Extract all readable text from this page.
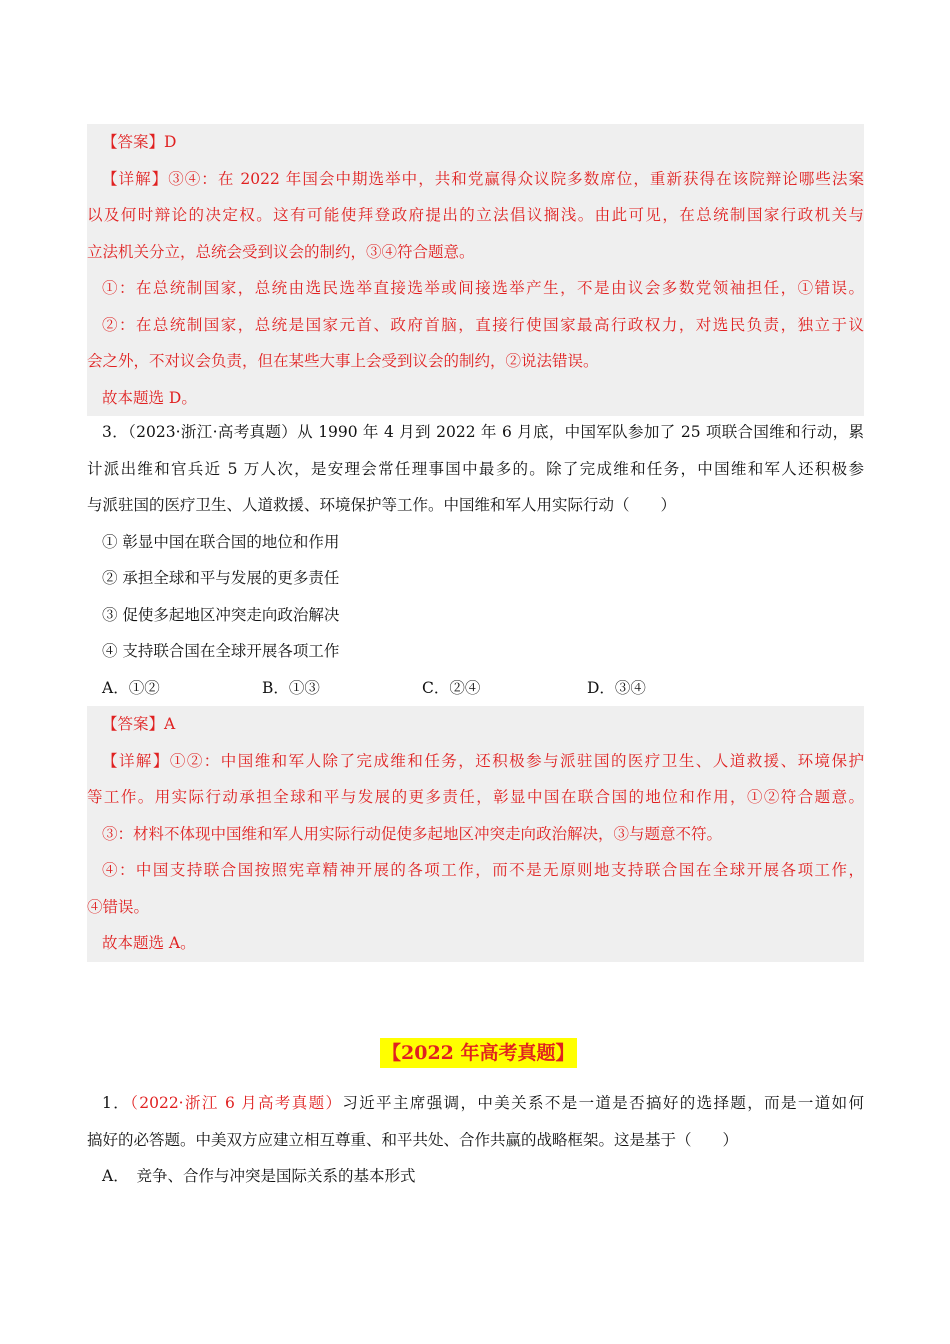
【答案】D
【详解】③④：在 2022 年国会中期选举中，共和党赢得众议院多数席位，重新获得在该院辩论哪些法案
以及何时辩论的决定权。这有可能使拜登政府提出的立法倡议搁浅。由此可见，在总统制国家行政机关与
立法机关分立，总统会受到议会的制约，③④符合题意。
①：在总统制国家，总统由选民选举直接选举或间接选举产生，不是由议会多数党领袖担任，①错误。
②：在总统制国家，总统是国家元首、政府首脑，直接行使国家最高行政权力，对选民负责，独立于议
会之外，不对议会负责，但在某些大事上会受到议会的制约，②说法错误。
故本题选 D。
3．（2023·浙江·高考真题）从 1990 年 4 月到 2022 年 6 月底，中国军队参加了 25 项联合国维和行动，累
计派出维和官兵近 5 万人次，是安理会常任理事国中最多的。除了完成维和任务，中国维和军人还积极参
与派驻国的医疗卫生、人道救援、环境保护等工作。中国维和军人用实际行动（　　）
① 彰显中国在联合国的地位和作用
② 承担全球和平与发展的更多责任
③ 促使多起地区冲突走向政治解决
④ 支持联合国在全球开展各项工作
A．①②	B．①③	C．②④	D．③④
【答案】A
【详解】①②：中国维和军人除了完成维和任务，还积极参与派驻国的医疗卫生、人道救援、环境保护
等工作。用实际行动承担全球和平与发展的更多责任，彰显中国在联合国的地位和作用，①②符合题意。
③：材料不体现中国维和军人用实际行动促使多起地区冲突走向政治解决，③与题意不符。
④：中国支持联合国按照宪章精神开展的各项工作，而不是无原则地支持联合国在全球开展各项工作，
④错误。
故本题选 A。
【2022 年高考真题】
1．（2022·浙江 6 月高考真题）习近平主席强调，中美关系不是一道是否搞好的选择题，而是一道如何
搞好的必答题。中美双方应建立相互尊重、和平共处、合作共赢的战略框架。这是基于（　　）
A．　竞争、合作与冲突是国际关系的基本形式
